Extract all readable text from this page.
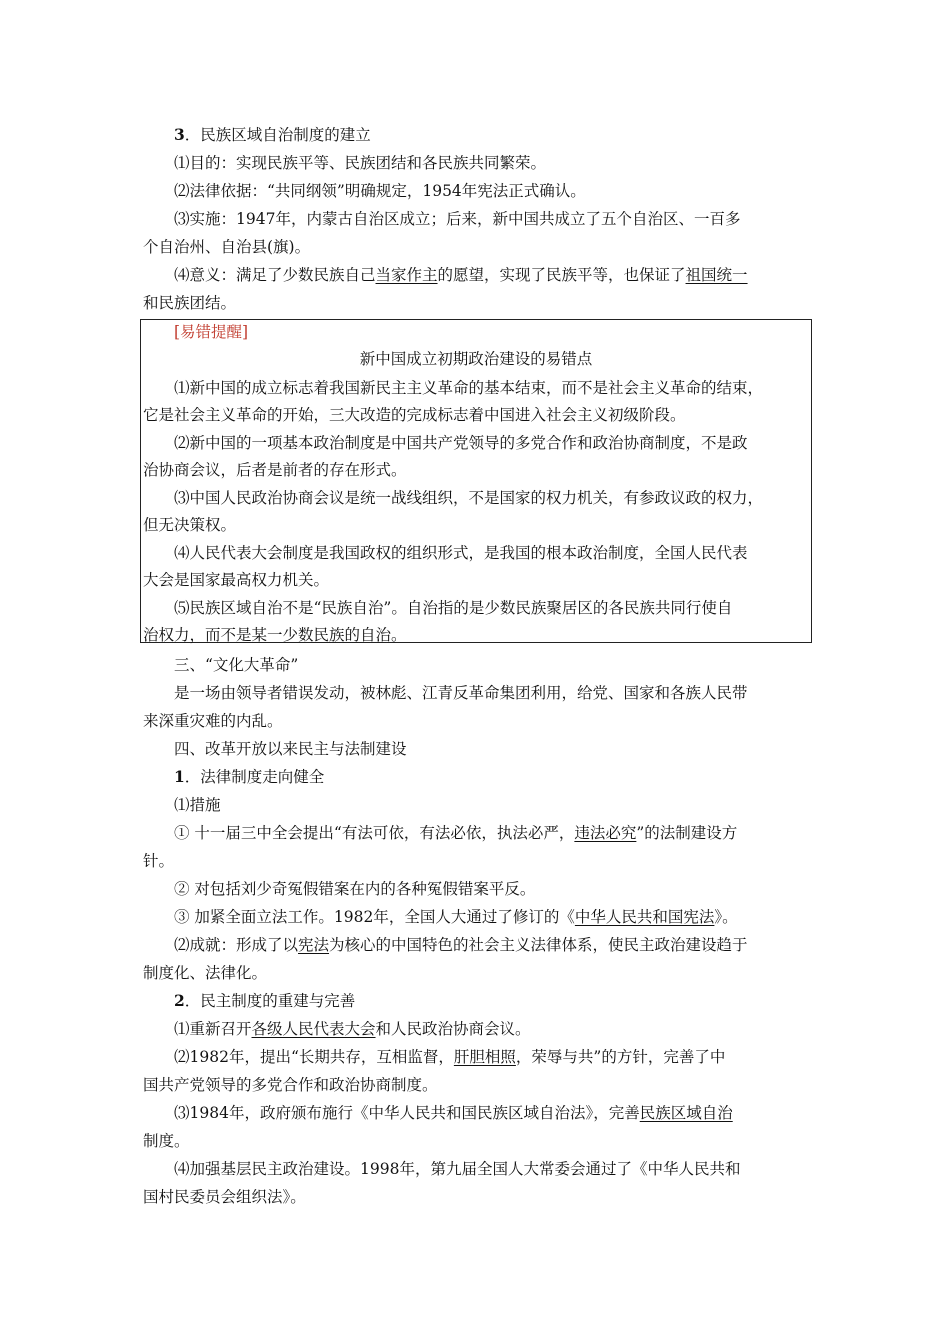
3．民族区域自治制度的建立
⑴目的：实现民族平等、民族团结和各民族共同繁荣。
⑵法律依据：“共同纲领”明确规定，1954年宪法正式确认。
⑶实施：1947年，内蒙古自治区成立；后来，新中国共成立了五个自治区、一百多
个自治州、自治县(旗)。
⑷意义：满足了少数民族自己当家作主的愿望，实现了民族平等，也保证了祖国统一
和民族团结。
[易错提醒]
新中国成立初期政治建设的易错点
⑴新中国的成立标志着我国新民主主义革命的基本结束，而不是社会主义革命的结束，
它是社会主义革命的开始，三大改造的完成标志着中国进入社会主义初级阶段。
⑵新中国的一项基本政治制度是中国共产党领导的多党合作和政治协商制度，不是政
治协商会议，后者是前者的存在形式。
⑶中国人民政治协商会议是统一战线组织，不是国家的权力机关，有参政议政的权力，
但无决策权。
⑷人民代表大会制度是我国政权的组织形式，是我国的根本政治制度，全国人民代表
大会是国家最高权力机关。
⑸民族区域自治不是“民族自治”。自治指的是少数民族聚居区的各民族共同行使自
治权力，而不是某一少数民族的自治。
三、“文化大革命”
是一场由领导者错误发动，被林彪、江青反革命集团利用，给党、国家和各族人民带
来深重灾难的内乱。
四、改革开放以来民主与法制建设
1．法律制度走向健全
⑴措施
① 十一届三中全会提出“有法可依，有法必依，执法必严，违法必究”的法制建设方
针。
② 对包括刘少奇冤假错案在内的各种冤假错案平反。
③ 加紧全面立法工作。1982年，全国人大通过了修订的《中华人民共和国宪法》。
⑵成就：形成了以宪法为核心的中国特色的社会主义法律体系，使民主政治建设趋于
制度化、法律化。
2．民主制度的重建与完善
⑴重新召开各级人民代表大会和人民政治协商会议。
⑵1982年，提出“长期共存，互相监督，肝胆相照，荣辱与共”的方针，完善了中
国共产党领导的多党合作和政治协商制度。
⑶1984年，政府颁布施行《中华人民共和国民族区域自治法》，完善民族区域自治
制度。
⑷加强基层民主政治建设。1998年，第九届全国人大常委会通过了《中华人民共和
国村民委员会组织法》。
